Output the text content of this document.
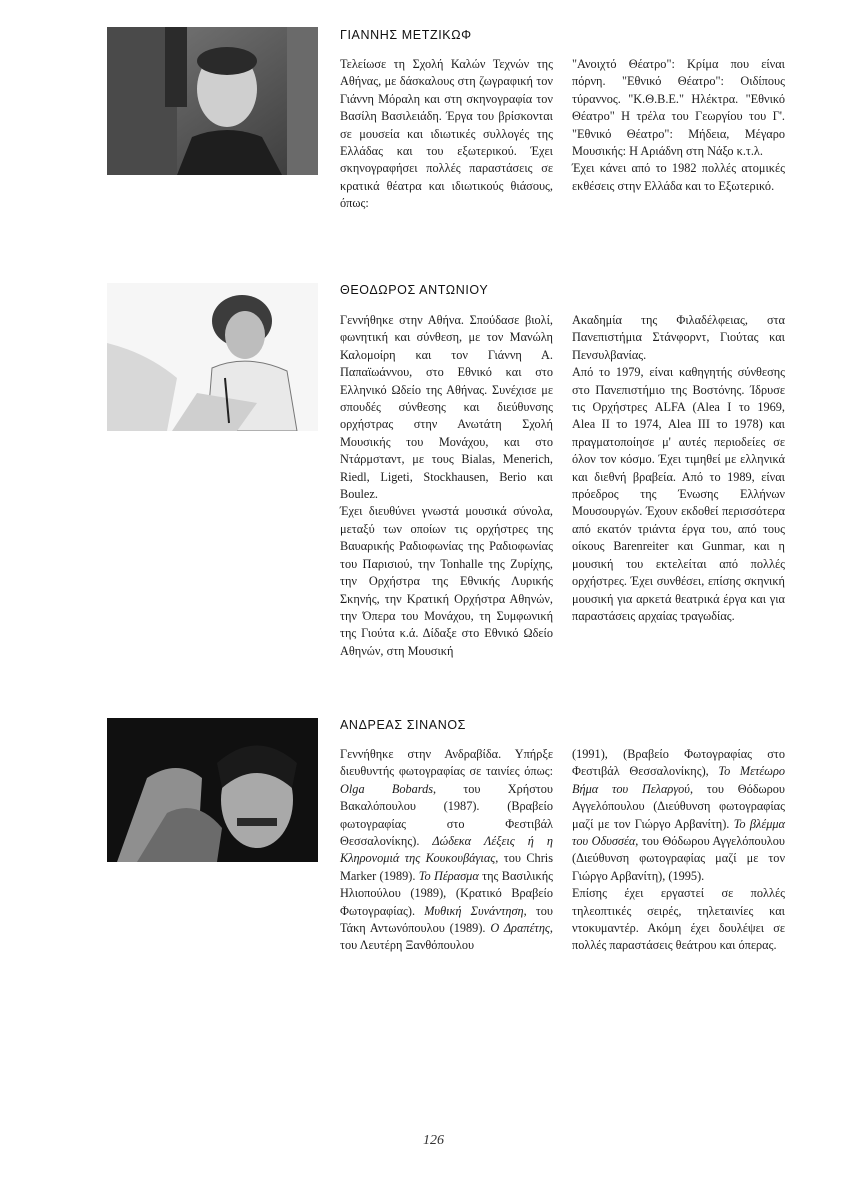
ΓΙΑΝΝΗΣ ΜΕΤΖΙΚΩΦ

Τελείωσε τη Σχολή Καλών Τεχνών της Αθήνας, με δάσκαλους στη ζωγραφική τον Γιάννη Μόραλη και στη σκηνογραφία τον Βασίλη Βασιλειάδη. Έργα του βρίσκονται σε μουσεία και ιδιωτικές συλλογές της Ελλάδας και του εξωτερικού. Έχει σκηνογραφήσει πολλές παραστάσεις σε κρατικά θέατρα και ιδιωτικούς θιάσους, όπως:

"Ανοιχτό Θέατρο": Κρίμα που είναι πόρνη. "Εθνικό Θέατρο": Οιδίπους τύραννος. "Κ.Θ.Β.Ε." Ηλέκτρα. "Εθνικό Θέατρο" Η τρέλα του Γεωργίου του Γ'. "Εθνικό Θέατρο": Μήδεια, Μέγαρο Μουσικής: Η Αριάδνη στη Νάξο κ.τ.λ.

Έχει κάνει από το 1982 πολλές ατομικές εκθέσεις στην Ελλάδα και το Εξωτερικό.

ΘΕΟΔΩΡΟΣ ΑΝΤΩΝΙΟΥ

Γεννήθηκε στην Αθήνα. Σπούδασε βιολί, φωνητική και σύνθεση, με τον Μανώλη Καλομοίρη και τον Γιάννη Α. Παπαϊωάννου, στο Εθνικό και στο Ελληνικό Ωδείο της Αθήνας. Συνέχισε με σπουδές σύνθεσης και διεύθυνσης ορχήστρας στην Ανωτάτη Σχολή Μουσικής του Μονάχου, και στο Ντάρμσταντ, με τους Bialas, Menerich, Riedl, Ligeti, Stockhausen, Berio και Boulez.

Έχει διευθύνει γνωστά μουσικά σύνολα, μεταξύ των οποίων τις ορχήστρες της Βαυαρικής Ραδιοφωνίας της Ραδιοφωνίας του Παρισιού, την Tonhalle της Ζυρίχης, την Ορχήστρα της Εθνικής Λυρικής Σκηνής, την Κρατική Ορχήστρα Αθηνών, την Όπερα του Μονάχου, τη Συμφωνική της Γιούτα κ.ά. Δίδαξε στο Εθνικό Ωδείο Αθηνών, στη Μουσική

Ακαδημία της Φιλαδέλφειας, στα Πανεπιστήμια Στάνφορντ, Γιούτας και Πενσυλβανίας.

Από το 1979, είναι καθηγητής σύνθεσης στο Πανεπιστήμιο της Βοστόνης. Ίδρυσε τις Ορχήστρες ALFA (Alea I το 1969, Alea II το 1974, Alea III το 1978) και πραγματοποίησε μ' αυτές περιοδείες σε όλον τον κόσμο. Έχει τιμηθεί με ελληνικά και διεθνή βραβεία. Από το 1989, είναι πρόεδρος της Ένωσης Ελλήνων Μουσουργών. Έχουν εκδοθεί περισσότερα από εκατόν τριάντα έργα του, από τους οίκους Barenreiter και Gunmar, και η μουσική του εκτελείται από πολλές ορχήστρες. Έχει συνθέσει, επίσης σκηνική μουσική για αρκετά θεατρικά έργα και για παραστάσεις αρχαίας τραγωδίας.

ΑΝΔΡΕΑΣ ΣΙΝΑΝΟΣ

Γεννήθηκε στην Ανδραβίδα. Υπήρξε διευθυντής φωτογραφίας σε ταινίες όπως: Olga Bobards, του Χρήστου Βακαλόπουλου (1987). (Βραβείο φωτογραφίας στο Φεστιβάλ Θεσσαλονίκης). Δώδεκα Λέξεις ή η Κληρονομιά της Κουκουβάγιας, του Chris Marker (1989). Το Πέρασμα της Βασιλικής Ηλιοπούλου (1989), (Κρατικό Βραβείο Φωτογραφίας). Μυθική Συνάντηση, του Τάκη Αντωνόπουλου (1989). Ο Δραπέτης, του Λευτέρη Ξανθόπουλου

(1991), (Βραβείο Φωτογραφίας στο Φεστιβάλ Θεσσαλονίκης), Το Μετέωρο Βήμα του Πελαργού, του Θόδωρου Αγγελόπουλου (Διεύθυνση φωτογραφίας μαζί με τον Γιώργο Αρβανίτη). Το βλέμμα του Οδυσσέα, του Θόδωρου Αγγελόπουλου (Διεύθυνση φωτογραφίας μαζί με τον Γιώργο Αρβανίτη), (1995).

Επίσης έχει εργαστεί σε πολλές τηλεοπτικές σειρές, τηλεταινίες και ντοκυμαντέρ. Ακόμη έχει δουλέψει σε πολλές παραστάσεις θεάτρου και όπερας.

126
